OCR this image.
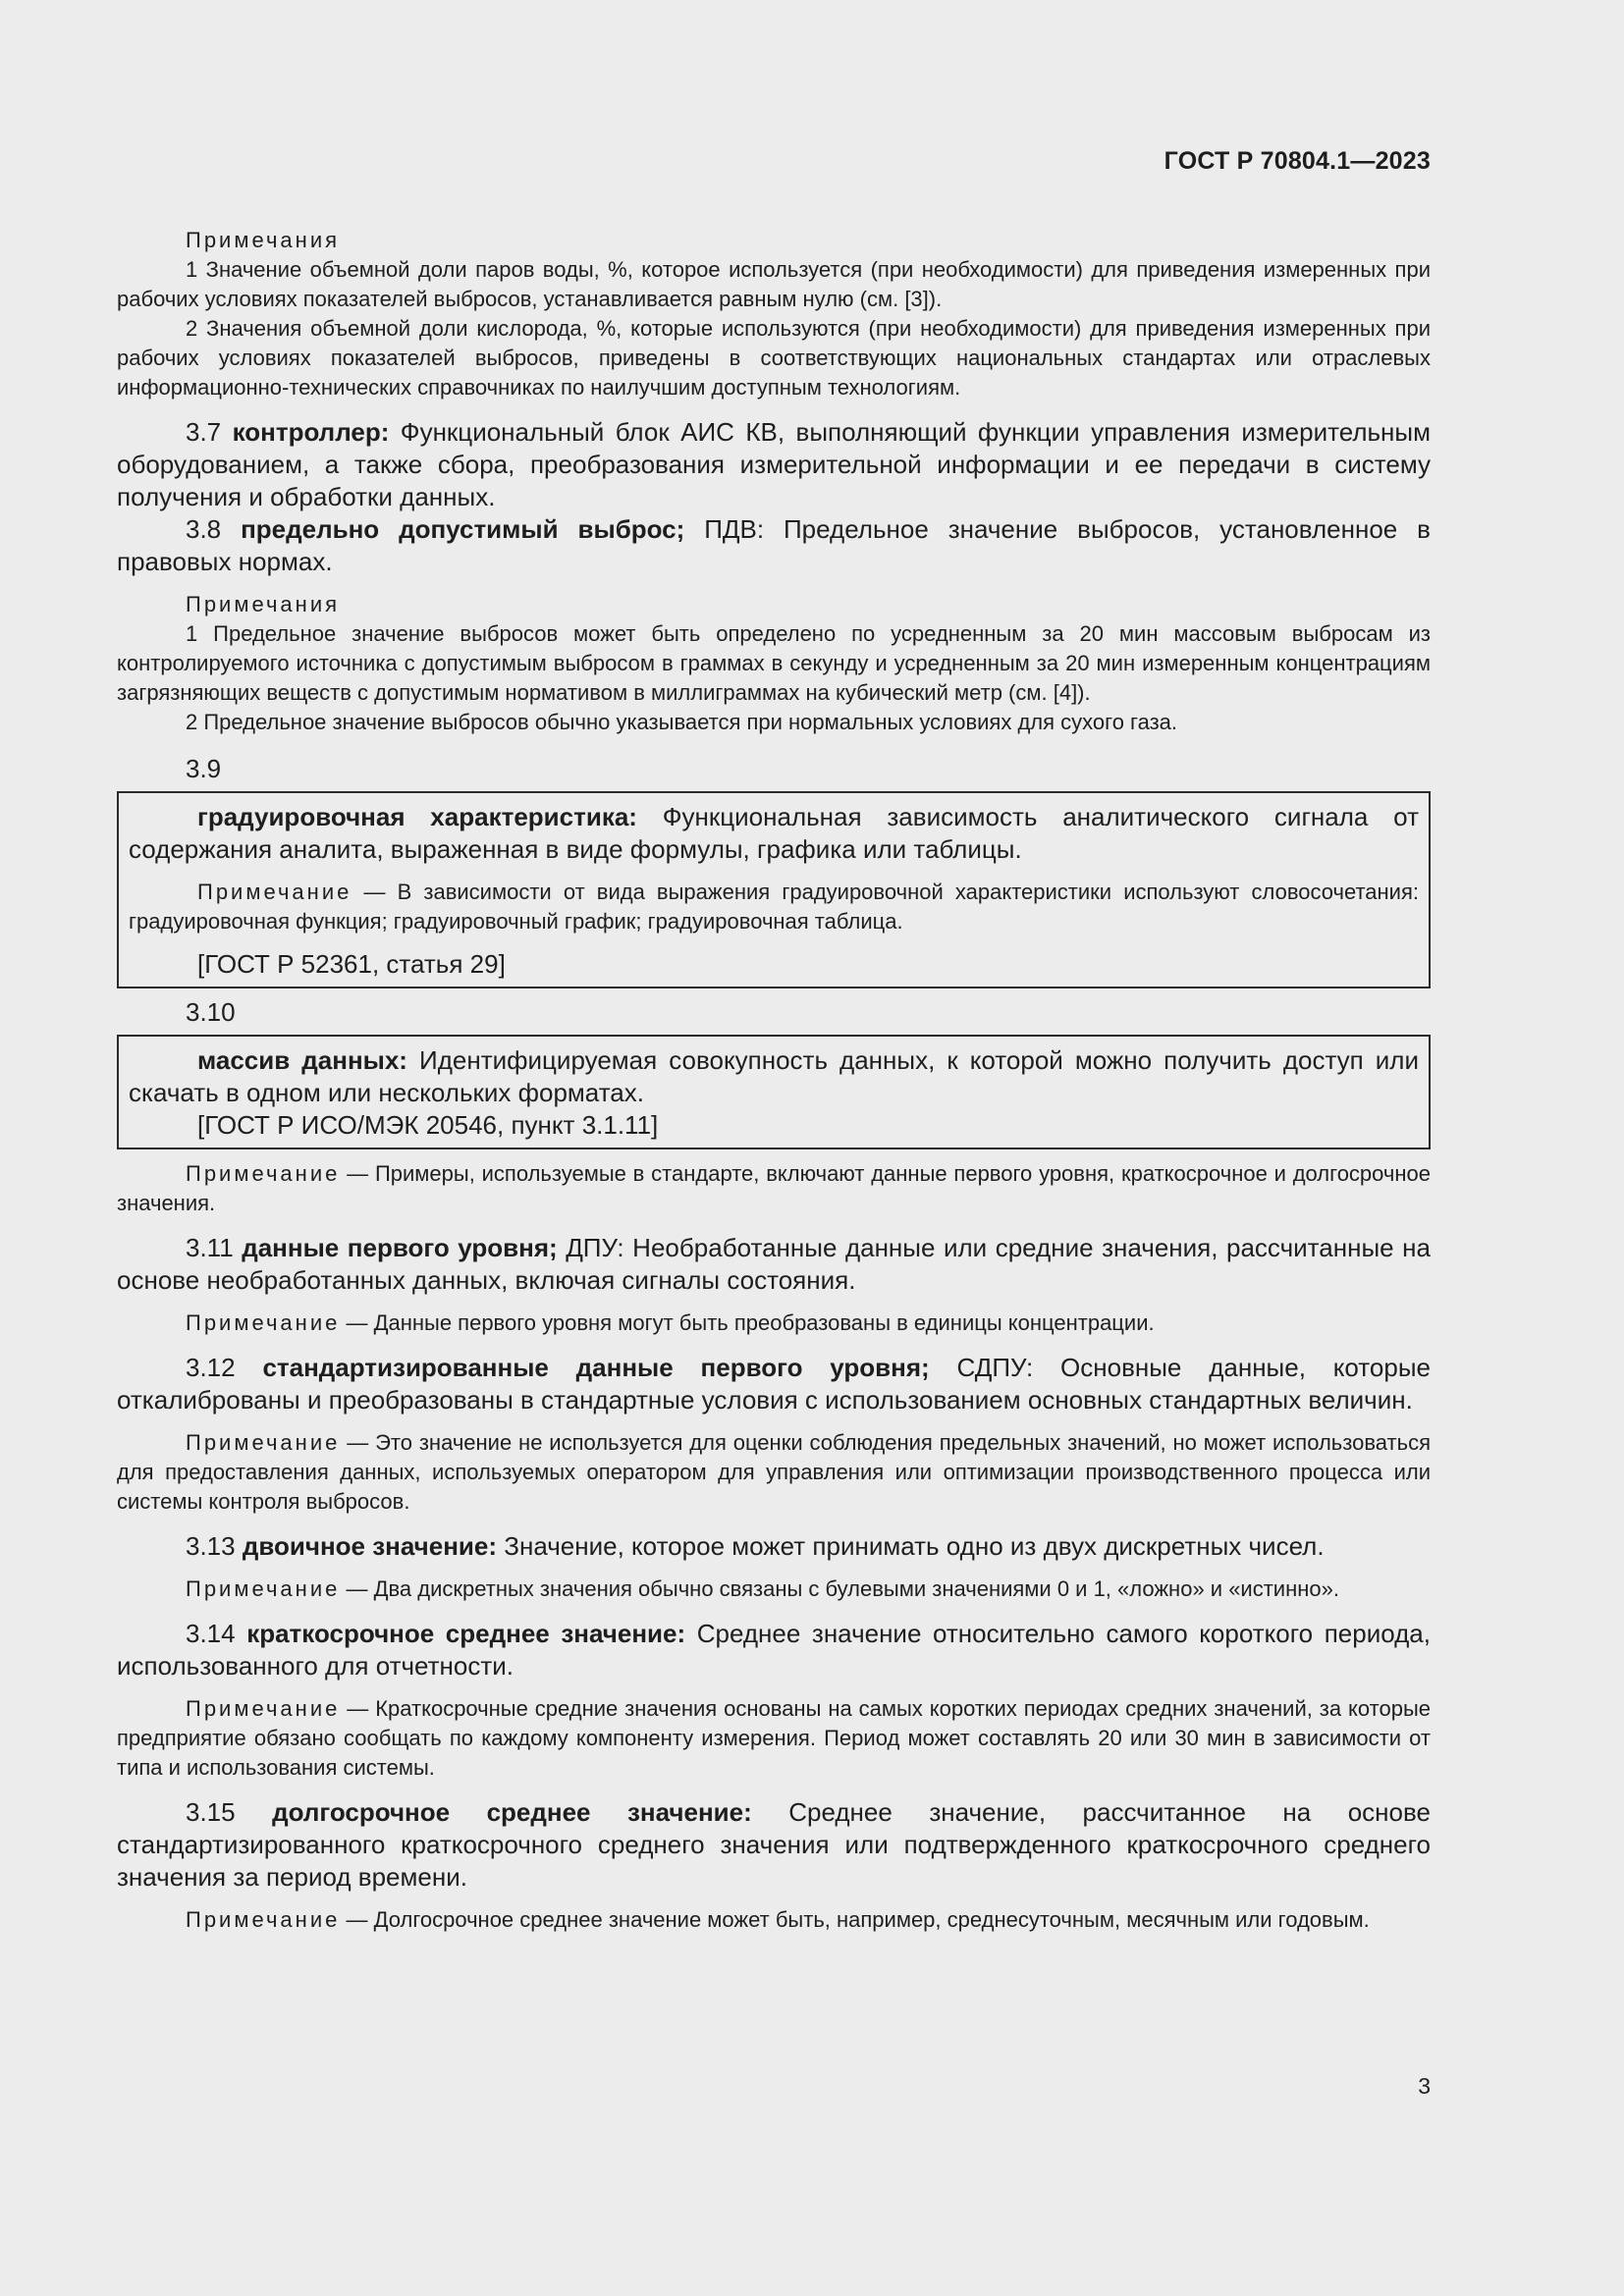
ГОСТ Р 70804.1—2023

Примечания

1 Значение объемной доли паров воды, %, которое используется (при необходимости) для приведения измеренных при рабочих условиях показателей выбросов, устанавливается равным нулю (см. [3]).

2 Значения объемной доли кислорода, %, которые используются (при необходимости) для приведения измеренных при рабочих условиях показателей выбросов, приведены в соответствующих национальных стандартах или отраслевых информационно-технических справочниках по наилучшим доступным технологиям.

3.7 контроллер: Функциональный блок АИС КВ, выполняющий функции управления измерительным оборудованием, а также сбора, преобразования измерительной информации и ее передачи в систему получения и обработки данных.

3.8 предельно допустимый выброс; ПДВ: Предельное значение выбросов, установленное в правовых нормах.

Примечания

1 Предельное значение выбросов может быть определено по усредненным за 20 мин массовым выбросам из контролируемого источника с допустимым выбросом в граммах в секунду и усредненным за 20 мин измеренным концентрациям загрязняющих веществ с допустимым нормативом в миллиграммах на кубический метр (см. [4]).

2 Предельное значение выбросов обычно указывается при нормальных условиях для сухого газа.

3.9

градуировочная характеристика: Функциональная зависимость аналитического сигнала от содержания аналита, выраженная в виде формулы, графика или таблицы.

Примечание — В зависимости от вида выражения градуировочной характеристики используют словосочетания: градуировочная функция; градуировочный график; градуировочная таблица.

[ГОСТ Р 52361, статья 29]

3.10

массив данных: Идентифицируемая совокупность данных, к которой можно получить доступ или скачать в одном или нескольких форматах.

[ГОСТ Р ИСО/МЭК 20546, пункт 3.1.11]

Примечание — Примеры, используемые в стандарте, включают данные первого уровня, краткосрочное и долгосрочное значения.

3.11 данные первого уровня; ДПУ: Необработанные данные или средние значения, рассчитанные на основе необработанных данных, включая сигналы состояния.

Примечание — Данные первого уровня могут быть преобразованы в единицы концентрации.

3.12 стандартизированные данные первого уровня; СДПУ: Основные данные, которые откалиброваны и преобразованы в стандартные условия с использованием основных стандартных величин.

Примечание — Это значение не используется для оценки соблюдения предельных значений, но может использоваться для предоставления данных, используемых оператором для управления или оптимизации производственного процесса или системы контроля выбросов.

3.13 двоичное значение: Значение, которое может принимать одно из двух дискретных чисел.

Примечание — Два дискретных значения обычно связаны с булевыми значениями 0 и 1, «ложно» и «истинно».

3.14 краткосрочное среднее значение: Среднее значение относительно самого короткого периода, использованного для отчетности.

Примечание — Краткосрочные средние значения основаны на самых коротких периодах средних значений, за которые предприятие обязано сообщать по каждому компоненту измерения. Период может составлять 20 или 30 мин в зависимости от типа и использования системы.

3.15 долгосрочное среднее значение: Среднее значение, рассчитанное на основе стандартизированного краткосрочного среднего значения или подтвержденного краткосрочного среднего значения за период времени.

Примечание — Долгосрочное среднее значение может быть, например, среднесуточным, месячным или годовым.

3
